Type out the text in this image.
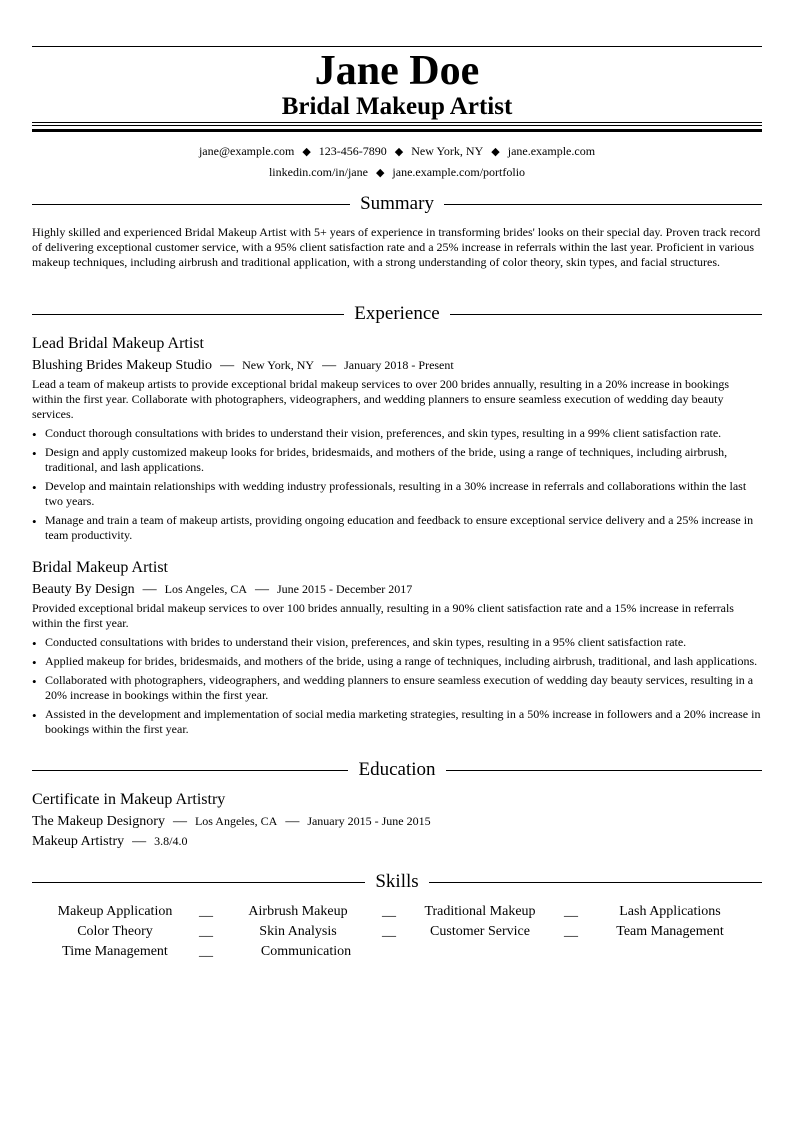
Jane Doe
Bridal Makeup Artist
jane@example.com ◆ 123-456-7890 ◆ New York, NY ◆ jane.example.com
linkedin.com/in/jane ◆ jane.example.com/portfolio
Summary
Highly skilled and experienced Bridal Makeup Artist with 5+ years of experience in transforming brides' looks on their special day. Proven track record of delivering exceptional customer service, with a 95% client satisfaction rate and a 25% increase in referrals within the last year. Proficient in various makeup techniques, including airbrush and traditional application, with a strong understanding of color theory, skin types, and facial structures.
Experience
Lead Bridal Makeup Artist
Blushing Brides Makeup Studio — New York, NY — January 2018 - Present
Lead a team of makeup artists to provide exceptional bridal makeup services to over 200 brides annually, resulting in a 20% increase in bookings within the first year. Collaborate with photographers, videographers, and wedding planners to ensure seamless execution of wedding day beauty services.
• Conduct thorough consultations with brides to understand their vision, preferences, and skin types, resulting in a 99% client satisfaction rate.
• Design and apply customized makeup looks for brides, bridesmaids, and mothers of the bride, using a range of techniques, including airbrush, traditional, and lash applications.
• Develop and maintain relationships with wedding industry professionals, resulting in a 30% increase in referrals and collaborations within the last two years.
• Manage and train a team of makeup artists, providing ongoing education and feedback to ensure exceptional service delivery and a 25% increase in team productivity.
Bridal Makeup Artist
Beauty By Design — Los Angeles, CA — June 2015 - December 2017
Provided exceptional bridal makeup services to over 100 brides annually, resulting in a 90% client satisfaction rate and a 15% increase in referrals within the first year.
• Conducted consultations with brides to understand their vision, preferences, and skin types, resulting in a 95% client satisfaction rate.
• Applied makeup for brides, bridesmaids, and mothers of the bride, using a range of techniques, including airbrush, traditional, and lash applications.
• Collaborated with photographers, videographers, and wedding planners to ensure seamless execution of wedding day beauty services, resulting in a 20% increase in bookings within the first year.
• Assisted in the development and implementation of social media marketing strategies, resulting in a 50% increase in followers and a 20% increase in bookings within the first year.
Education
Certificate in Makeup Artistry
The Makeup Designory — Los Angeles, CA — January 2015 - June 2015
Makeup Artistry — 3.8/4.0
Skills
Makeup Application	__	Airbrush Makeup	__	Traditional Makeup	__	Lash Applications
Color Theory	__	Skin Analysis	__	Customer Service	__	Team Management
Time Management	__	Communication
